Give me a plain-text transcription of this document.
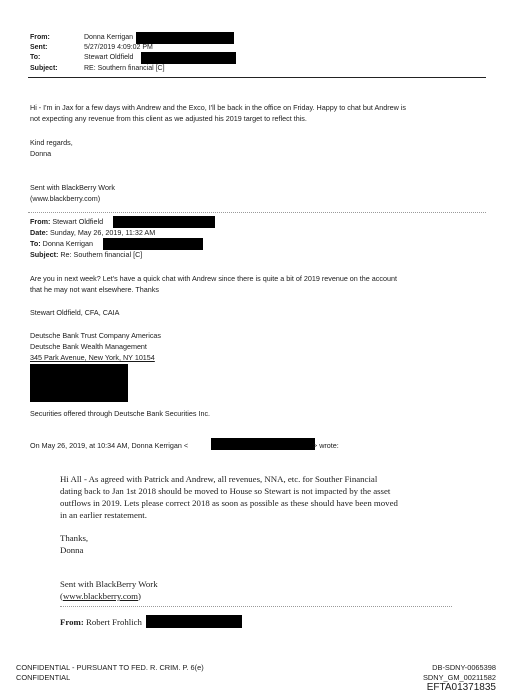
From:	Donna Kerrigan
Sent:	5/27/2019 4:09:02 PM
To:	Stewart Oldfield
Subject:	RE: Southern financial [C]
Hi - I'm in Jax for a few days with Andrew and the Exco, I'll be back in the office on Friday. Happy to chat but Andrew is
not expecting any revenue from this client as we adjusted his 2019 target to reflect this.
Kind regards,
Donna
Sent with BlackBerry Work
(www.blackberry.com)
From: Stewart Oldfield
Date: Sunday, May 26, 2019, 11:32 AM
To: Donna Kerrigan
Subject: Re: Southern financial [C]
Are you in next week? Let's have a quick chat with Andrew since there is quite a bit of 2019 revenue on the account
that he may not want elsewhere. Thanks
Stewart Oldfield, CFA, CAIA
Deutsche Bank Trust Company Americas
Deutsche Bank Wealth Management
345 Park Avenue, New York, NY 10154
Securities offered through Deutsche Bank Securities Inc.
On May 26, 2019, at 10:34 AM, Donna Kerrigan <	> wrote:
Hi All - As agreed with Patrick and Andrew, all revenues, NNA, etc. for Souther Financial
dating back to Jan 1st 2018 should be moved to House so Stewart is not impacted by the asset
outflows in 2019. Lets please correct 2018 as soon as possible as these should have been moved
in an earlier restatement.
Thanks,
Donna
Sent with BlackBerry Work
(www.blackberry.com)
From: Robert Frohlich
CONFIDENTIAL - PURSUANT TO FED. R. CRIM. P. 6(e)
CONFIDENTIAL
DB-SDNY-0065398
SDNY_GM_00211582
EFTA01371835
